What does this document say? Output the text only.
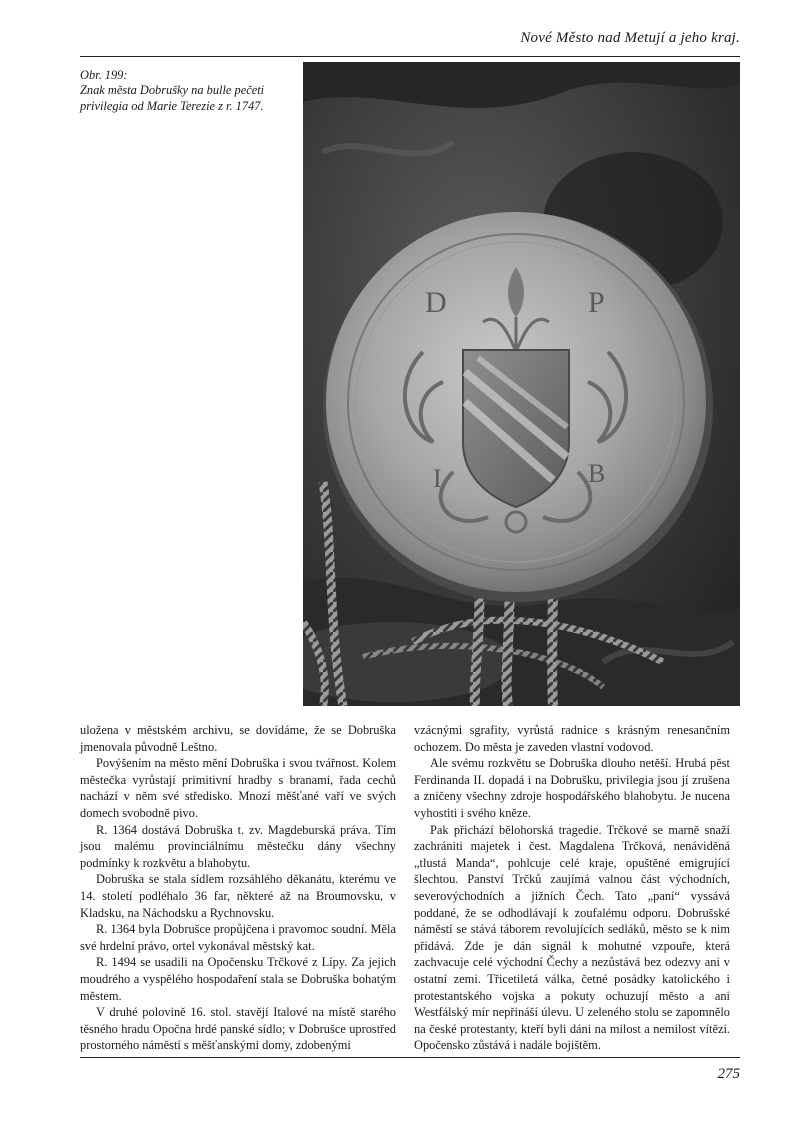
Nové Město nad Metují a jeho kraj.
Obr. 199:
Znak města Dobrušky na bulle pečeti
privilegia od Marie Terezie z r. 1747.
D	P
I	B

uložena v městském archivu, se dovídáme, že se Dobruška jmenovala původně Leštno.

Povýšením na město mění Dobruška i svou tvářnost. Kolem městečka vyrůstají primitivní hradby s branami, řada cechů nachází v něm své středisko. Mnozí měšťané vaří ve svých domech svobodně pivo.

R. 1364 dostává Dobruška t. zv. Magdeburská práva. Tím jsou malému provinciálnímu městečku dány všechny podmínky k rozkvětu a blahobytu.

Dobruška se stala sídlem rozsáhlého děkanátu, kterému ve 14. století podléhalo 36 far, některé až na Broumovsku, v Kladsku, na Náchodsku a Rychnovsku.

R. 1364 byla Dobrušce propůjčena i pravomoc soudní. Měla své hrdelní právo, ortel vykonával městský kat.

R. 1494 se usadili na Opočensku Trčkové z Lípy. Za jejich moudrého a vyspělého hospodaření stala se Dobruška bohatým městem.

V druhé polovině 16. stol. stavějí Italové na místě starého těsného hradu Opočna hrdé panské sídlo; v Dobrušce uprostřed prostorného náměstí s měšťanskými domy, zdobenými

vzácnými sgrafity, vyrůstá radnice s krásným renesančním ochozem. Do města je zaveden vlastní vodovod.

Ale svému rozkvětu se Dobruška dlouho netěší. Hrubá pěst Ferdinanda II. dopadá i na Dobrušku, privilegia jsou jí zrušena a zničeny všechny zdroje hospodářského blahobytu. Je nucena vyhostiti i svého kněze.

Pak přichází bělohorská tragedie. Trčkové se marně snaží zachrániti majetek i čest. Magdalena Trčková, nenáviděná „tlustá Manda“, pohlcuje celé kraje, opuštěné emigrující šlechtou. Panství Trčků zaujímá valnou část východních, severovýchodních a jižních Čech. Tato „paní“ vyssává poddané, že se odhodlávají k zoufalému odporu. Dobrušské náměstí se stává táborem revolujících sedláků, město se k nim přidává. Zde je dán signál k mohutné vzpouře, která zachvacuje celé východní Čechy a nezůstává bez odezvy ani v ostatní zemi. Třicetiletá válka, četné posádky katolického i protestantského vojska a pokuty ochuzují město a ani Westfálský mír nepřináší úlevu. U zeleného stolu se zapomnělo na české protestanty, kteří byli dáni na milost a nemilost vítězi. Opočensko zůstává i nadále bojištěm.

275
